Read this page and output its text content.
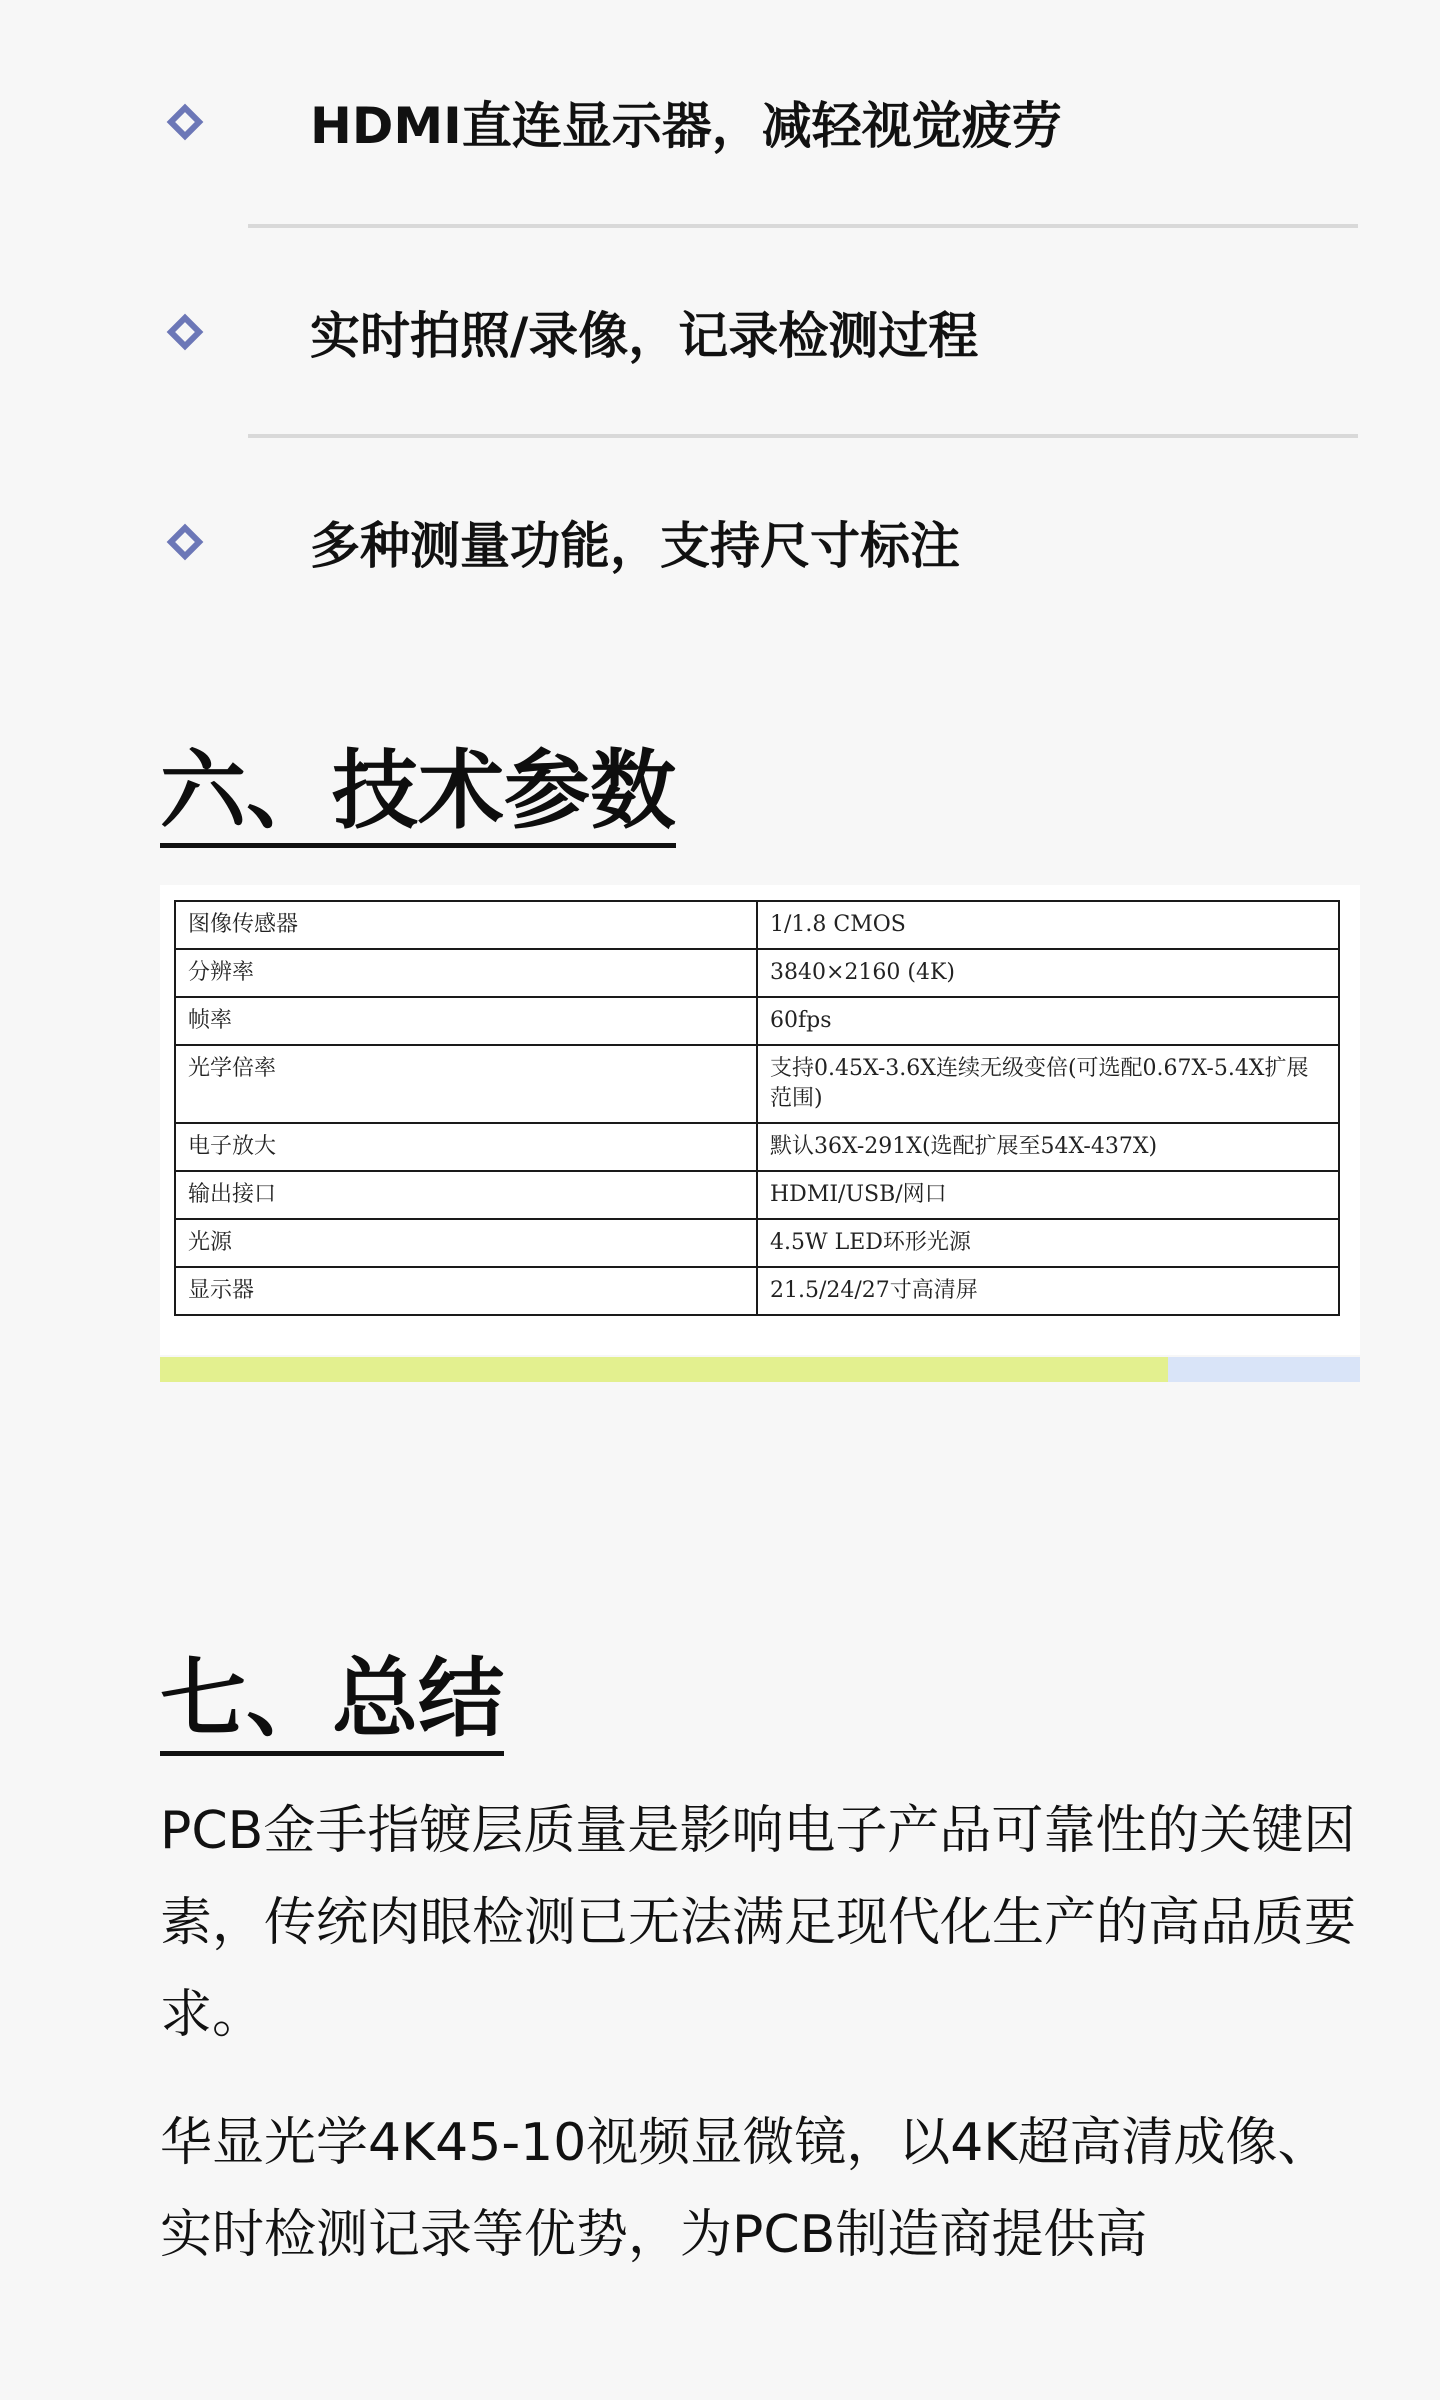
HDMI直连显示器，减轻视觉疲劳
实时拍照/录像，记录检测过程
多种测量功能，支持尺寸标注
六、技术参数
图像传感器	1/1.8 CMOS
分辨率	3840×2160 (4K)
帧率	60fps
光学倍率	支持0.45X-3.6X连续无级变倍(可选配0.67X-5.4X扩展范围)
电子放大	默认36X-291X(选配扩展至54X-437X)
输出接口	HDMI/USB/网口
光源	4.5W LED环形光源
显示器	21.5/24/27寸高清屏
七、总结

PCB金手指镀层质量是影响电子产品可靠性的关键因素，传统肉眼检测已无法满足现代化生产的高品质要求。

华显光学4K45-10视频显微镜，以4K超高清成像、实时检测记录等优势，为PCB制造商提供高
